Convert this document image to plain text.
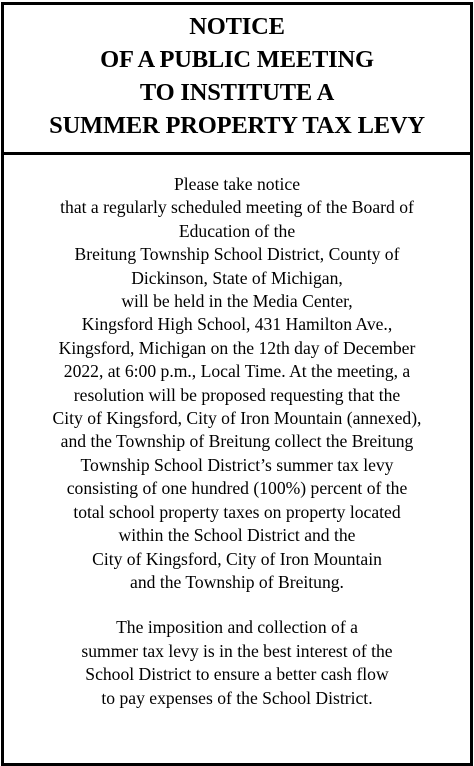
NOTICE
OF A PUBLIC MEETING
TO INSTITUTE A
SUMMER PROPERTY TAX LEVY
Please take notice
that a regularly scheduled meeting of the Board of
Education of the
Breitung Township School District, County of
Dickinson, State of Michigan,
will be held in the Media Center,
Kingsford High School, 431 Hamilton Ave.,
Kingsford, Michigan on the 12th day of December
2022, at 6:00 p.m., Local Time. At the meeting, a
resolution will be proposed requesting that the
City of Kingsford, City of Iron Mountain (annexed),
and the Township of Breitung collect the Breitung
Township School District’s summer tax levy
consisting of one hundred (100%) percent of the
total school property taxes on property located
within the School District and the
City of Kingsford, City of Iron Mountain
and the Township of Breitung.
The imposition and collection of a
summer tax levy is in the best interest of the
School District to ensure a better cash flow
to pay expenses of the School District.
